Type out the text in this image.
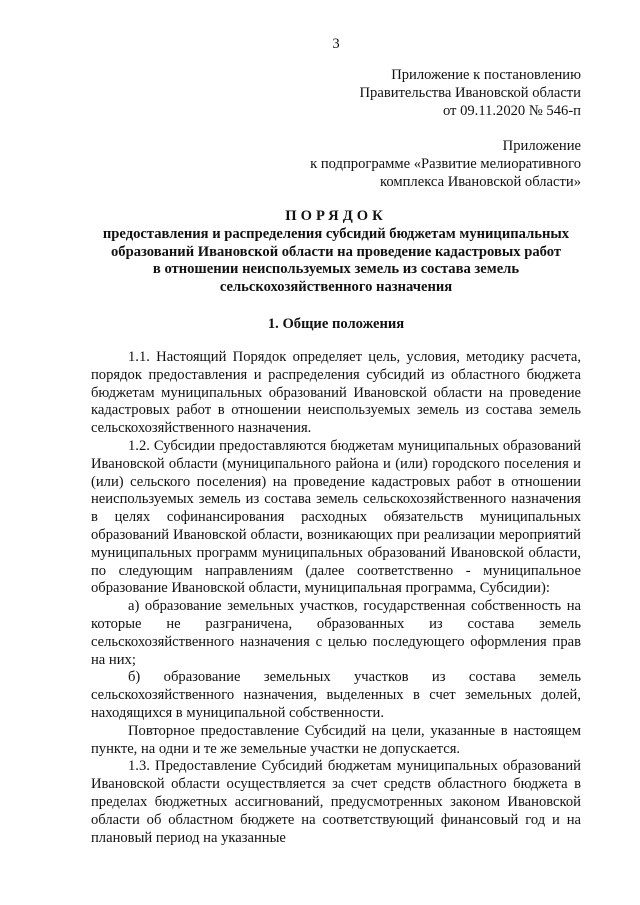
3
Приложение к постановлению
Правительства Ивановской области
от 09.11.2020 № 546-п
Приложение
к подпрограмме «Развитие мелиоративного
комплекса Ивановской области»
ПОРЯДОК
предоставления и распределения субсидий бюджетам муниципальных
образований Ивановской области на проведение кадастровых работ
в отношении неиспользуемых земель из состава земель
сельскохозяйственного назначения
1. Общие положения

1.1. Настоящий Порядок определяет цель, условия, методику расчета, порядок предоставления и распределения субсидий из областного бюджета бюджетам муниципальных образований Ивановской области на проведение кадастровых работ в отношении неиспользуемых земель из состава земель сельскохозяйственного назначения.

1.2. Субсидии предоставляются бюджетам муниципальных образований Ивановской области (муниципального района и (или) городского поселения и (или) сельского поселения) на проведение кадастровых работ в отношении неиспользуемых земель из состава земель сельскохозяйственного назначения в целях софинансирования расходных обязательств муниципальных образований Ивановской области, возникающих при реализации мероприятий муниципальных программ муниципальных образований Ивановской области, по следующим направлениям (далее соответственно - муниципальное образование Ивановской области, муниципальная программа, Субсидии):

а) образование земельных участков, государственная собственность на которые не разграничена, образованных из состава земель сельскохозяйственного назначения с целью последующего оформления прав на них;

б) образование земельных участков из состава земель сельскохозяйственного назначения, выделенных в счет земельных долей, находящихся в муниципальной собственности.

Повторное предоставление Субсидий на цели, указанные в настоящем пункте, на одни и те же земельные участки не допускается.

1.3. Предоставление Субсидий бюджетам муниципальных образований Ивановской области осуществляется за счет средств областного бюджета в пределах бюджетных ассигнований, предусмотренных законом Ивановской области об областном бюджете на соответствующий финансовый год и на плановый период на указанные
